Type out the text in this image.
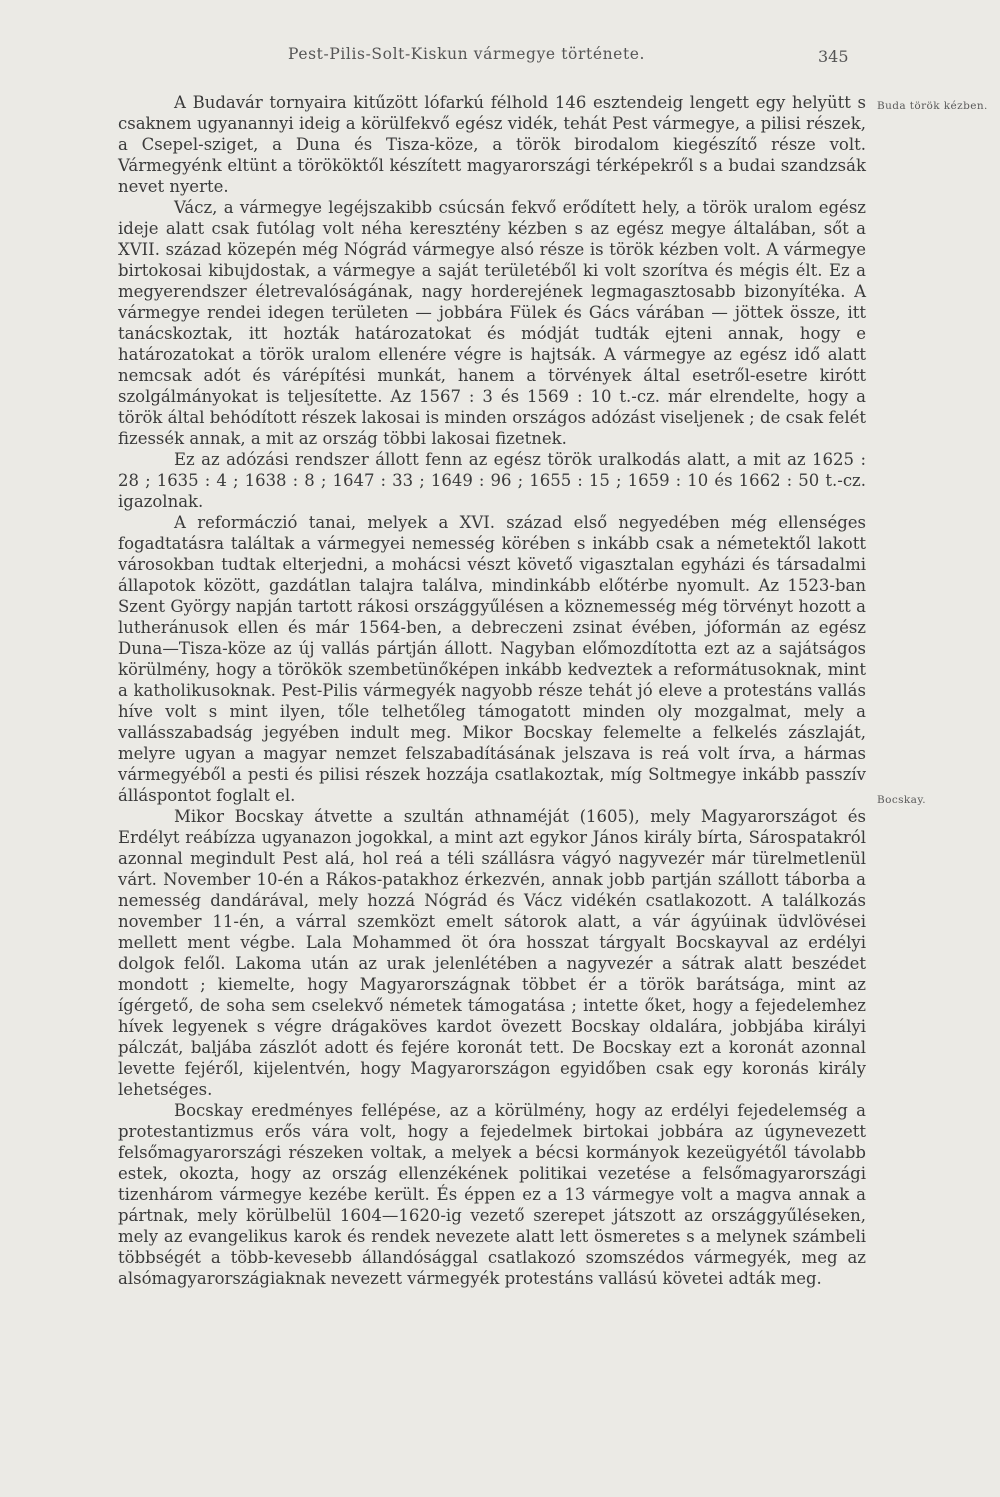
Pest-Pilis-Solt-Kiskun vármegye története.	345
Buda török kézben.
Bocskay.

A Budavár tornyaira kitűzött lófarkú félhold 146 esztendeig lengett egy helyütt s csaknem ugyanannyi ideig a körülfekvő egész vidék, tehát Pest vármegye, a pilisi részek, a Csepel-sziget, a Duna és Tisza-köze, a török birodalom kiegészítő része volt. Vármegyénk eltünt a törököktől készített magyarországi térképekről s a budai szandzsák nevet nyerte.

Vácz, a vármegye legéjszakibb csúcsán fekvő erődített hely, a török uralom egész ideje alatt csak futólag volt néha keresztény kézben s az egész megye általában, sőt a XVII. század közepén még Nógrád vármegye alsó része is török kézben volt. A vármegye birtokosai kibujdostak, a vármegye a saját területéből ki volt szorítva és mégis élt. Ez a megyerendszer életrevalóságának, nagy horderejének legmagasztosabb bizonyítéka. A vármegye rendei idegen területen — jobbára Fülek és Gács várában — jöttek össze, itt tanácskoztak, itt hozták határozatokat és módját tudták ejteni annak, hogy e határozatokat a török uralom ellenére végre is hajtsák. A vármegye az egész idő alatt nemcsak adót és várépítési munkát, hanem a törvények által esetről-esetre kirótt szolgálmányokat is teljesítette. Az 1567 : 3 és 1569 : 10 t.-cz. már elrendelte, hogy a török által behódított részek lakosai is minden országos adózást viseljenek ; de csak felét fizessék annak, a mit az ország többi lakosai fizetnek.

Ez az adózási rendszer állott fenn az egész török uralkodás alatt, a mit az 1625 : 28 ; 1635 : 4 ; 1638 : 8 ; 1647 : 33 ; 1649 : 96 ; 1655 : 15 ; 1659 : 10 és 1662 : 50 t.-cz. igazolnak.

A reformáczió tanai, melyek a XVI. század első negyedében még ellenséges fogadtatásra találtak a vármegyei nemesség körében s inkább csak a németektől lakott városokban tudtak elterjedni, a mohácsi vészt követő vigasztalan egyházi és társadalmi állapotok között, gazdátlan talajra találva, mindinkább előtérbe nyomult. Az 1523-ban Szent György napján tartott rákosi országgyűlésen a köznemesség még törvényt hozott a lutheránusok ellen és már 1564-ben, a debreczeni zsinat évében, jóformán az egész Duna—Tisza-köze az új vallás pártján állott. Nagyban előmozdította ezt az a sajátságos körülmény, hogy a törökök szembetünőképen inkább kedveztek a reformátusoknak, mint a katholikusoknak. Pest-Pilis vármegyék nagyobb része tehát jó eleve a protestáns vallás híve volt s mint ilyen, tőle telhetőleg támogatott minden oly mozgalmat, mely a vallásszabadság jegyében indult meg. Mikor Bocskay felemelte a felkelés zászlaját, melyre ugyan a magyar nemzet felszabadításának jelszava is reá volt írva, a hármas vármegyéből a pesti és pilisi részek hozzája csatlakoztak, míg Soltmegye inkább passzív álláspontot foglalt el.

Mikor Bocskay átvette a szultán athnaméját (1605), mely Magyarországot és Erdélyt reábízza ugyanazon jogokkal, a mint azt egykor János király bírta, Sárospatakról azonnal megindult Pest alá, hol reá a téli szállásra vágyó nagyvezér már türelmetlenül várt. November 10-én a Rákos-patakhoz érkezvén, annak jobb partján szállott táborba a nemesség dandárával, mely hozzá Nógrád és Vácz vidékén csatlakozott. A találkozás november 11-én, a várral szemközt emelt sátorok alatt, a vár ágyúinak üdvlövései mellett ment végbe. Lala Mohammed öt óra hosszat tárgyalt Bocskayval az erdélyi dolgok felől. Lakoma után az urak jelenlétében a nagyvezér a sátrak alatt beszédet mondott ; kiemelte, hogy Magyarországnak többet ér a török barátsága, mint az ígérgető, de soha sem cselekvő németek támogatása ; intette őket, hogy a fejedelemhez hívek legyenek s végre drágaköves kardot övezett Bocskay oldalára, jobbjába királyi pálczát, baljába zászlót adott és fejére koronát tett. De Bocskay ezt a koronát azonnal levette fejéről, kijelentvén, hogy Magyarországon egyidőben csak egy koronás király lehetséges.

Bocskay eredményes fellépése, az a körülmény, hogy az erdélyi fejedelemség a protestantizmus erős vára volt, hogy a fejedelmek birtokai jobbára az úgynevezett felsőmagyarországi részeken voltak, a melyek a bécsi kormányok kezeügyétől távolabb estek, okozta, hogy az ország ellenzékének politikai vezetése a felsőmagyarországi tizenhárom vármegye kezébe került. És éppen ez a 13 vármegye volt a magva annak a pártnak, mely körülbelül 1604—1620-ig vezető szerepet játszott az országgyűléseken, mely az evangelikus karok és rendek nevezete alatt lett ösmeretes s a melynek számbeli többségét a több-kevesebb állandósággal csatlakozó szomszédos vármegyék, meg az alsómagyarországiaknak nevezett vármegyék protestáns vallású követei adták meg.
